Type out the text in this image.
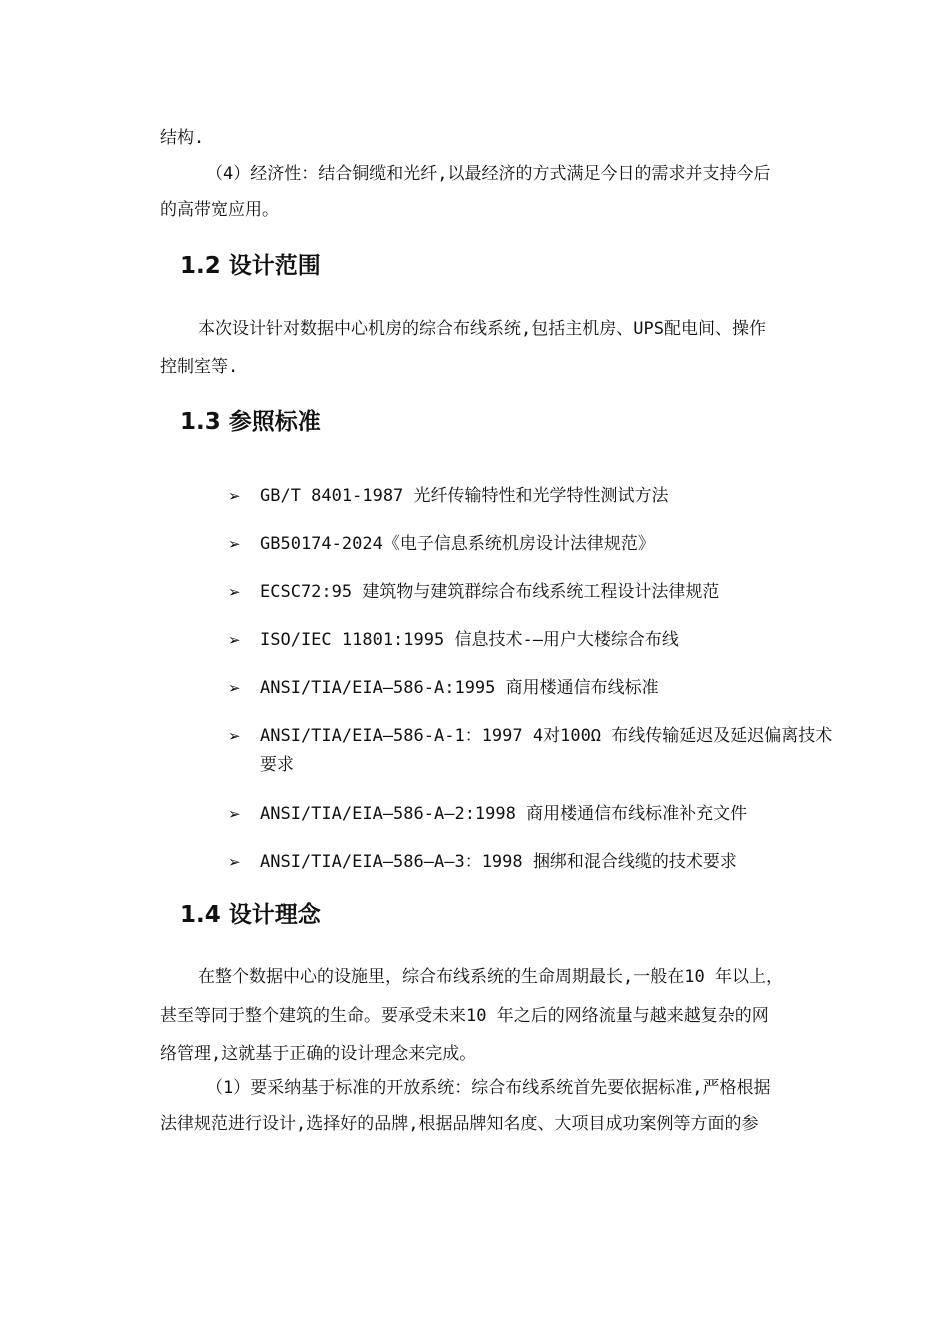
结构.
（4）经济性：结合铜缆和光纤,以最经济的方式满足今日的需求并支持今后
的高带宽应用。
1.2 设计范围
本次设计针对数据中心机房的综合布线系统,包括主机房、UPS配电间、操作
控制室等.
1.3 参照标准
➢ GB/T 8401-1987 光纤传输特性和光学特性测试方法
➢ GB50174-2024《电子信息系统机房设计法律规范》
➢ ECSC72:95 建筑物与建筑群综合布线系统工程设计法律规范
➢ ISO/IEC 11801:1995 信息技术-—用户大楼综合布线
➢ ANSI/TIA/EIA—586-A:1995 商用楼通信布线标准
➢ ANSI/TIA/EIA—586-A-1：1997 4对100Ω 布线传输延迟及延迟偏离技术要求
➢ ANSI/TIA/EIA—586-A—2:1998 商用楼通信布线标准补充文件
➢ ANSI/TIA/EIA—586—A—3：1998 捆绑和混合线缆的技术要求
1.4 设计理念
在整个数据中心的设施里，综合布线系统的生命周期最长,一般在10 年以上，
甚至等同于整个建筑的生命。要承受未来10 年之后的网络流量与越来越复杂的网
络管理,这就基于正确的设计理念来完成。
（1）要采纳基于标准的开放系统：综合布线系统首先要依据标准,严格根据
法律规范进行设计,选择好的品牌,根据品牌知名度、大项目成功案例等方面的参
